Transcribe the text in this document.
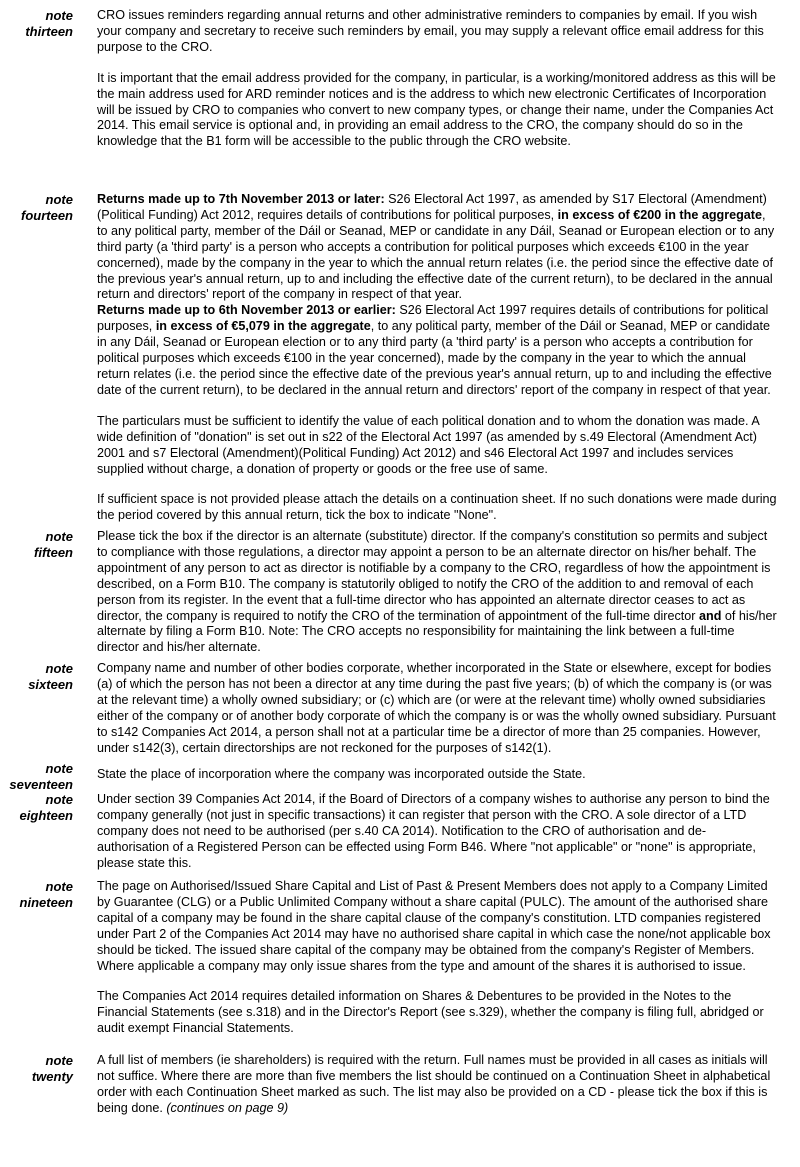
note
thirteen

CRO issues reminders regarding annual returns and other administrative reminders to companies by email. If you wish your company and secretary to receive such reminders by email, you may supply a relevant office email address for this purpose to the CRO.

It is important that the email address provided for the company, in particular, is a working/monitored address as this will be the main address used for ARD reminder notices and is the address to which new electronic Certificates of Incorporation will be issued by CRO to companies who convert to new company types, or change their name, under the Companies Act 2014. This email service is optional and, in providing an email address to the CRO, the company should do so in the knowledge that the B1 form will be accessible to the public through the CRO website.

note
fourteen

Returns made up to 7th November 2013 or later: S26 Electoral Act 1997, as amended by S17 Electoral (Amendment)(Political Funding) Act 2012, requires details of contributions for political purposes, in excess of €200 in the aggregate, to any political party, member of the Dáil or Seanad, MEP or candidate in any Dáil, Seanad or European election or to any third party (a 'third party' is a person who accepts a contribution for political purposes which exceeds €100 in the year concerned), made by the company in the year to which the annual return relates (i.e. the period since the effective date of the previous year's annual return, up to and including the effective date of the current return), to be declared in the annual return and directors' report of the company in respect of that year.
Returns made up to 6th November 2013 or earlier: S26 Electoral Act 1997 requires details of contributions for political purposes, in excess of €5,079 in the aggregate, to any political party, member of the Dáil or Seanad, MEP or candidate in any Dáil, Seanad or European election or to any third party (a 'third party' is a person who accepts a contribution for political purposes which exceeds €100 in the year concerned), made by the company in the year to which the annual return relates (i.e. the period since the effective date of the previous year's annual return, up to and including the effective date of the current return), to be declared in the annual return and directors' report of the company in respect of that year.

The particulars must be sufficient to identify the value of each political donation and to whom the donation was made. A wide definition of "donation" is set out in s22 of the Electoral Act 1997 (as amended by s.49 Electoral (Amendment Act) 2001 and s7 Electoral (Amendment)(Political Funding) Act 2012) and s46 Electoral Act 1997 and includes services supplied without charge, a donation of property or goods or the free use of same.

If sufficient space is not provided please attach the details on a continuation sheet. If no such donations were made during the period covered by this annual return, tick the box to indicate "None".

note
fifteen

Please tick the box if the director is an alternate (substitute) director. If the company's constitution so permits and subject to compliance with those regulations, a director may appoint a person to be an alternate director on his/her behalf. The appointment of any person to act as director is notifiable by a company to the CRO, regardless of how the appointment is described, on a Form B10. The company is statutorily obliged to notify the CRO of the addition to and removal of each person from its register. In the event that a full-time director who has appointed an alternate director ceases to act as director, the company is required to notify the CRO of the termination of appointment of the full-time director and of his/her alternate by filing a Form B10. Note: The CRO accepts no responsibility for maintaining the link between a full-time director and his/her alternate.

note
sixteen

Company name and number of other bodies corporate, whether incorporated in the State or elsewhere, except for bodies (a) of which the person has not been a director at any time during the past five years; (b) of which the company is (or was at the relevant time) a wholly owned subsidiary; or (c) which are (or were at the relevant time) wholly owned subsidiaries either of the company or of another body corporate of which the company is or was the wholly owned subsidiary. Pursuant to s142 Companies Act 2014, a person shall not at a particular time be a director of more than 25 companies. However, under s142(3), certain directorships are not reckoned for the purposes of s142(1).

note
seventeen

State the place of incorporation where the company was incorporated outside the State.

note
eighteen

Under section 39 Companies Act 2014, if the Board of Directors of a company wishes to authorise any person to bind the company generally (not just in specific transactions) it can register that person with the CRO. A sole director of a LTD company does not need to be authorised (per s.40 CA 2014). Notification to the CRO of authorisation and de-authorisation of a Registered Person can be effected using Form B46. Where "not applicable" or "none" is appropriate, please state this.

note
nineteen

The page on Authorised/Issued Share Capital and List of Past & Present Members does not apply to a Company Limited by Guarantee (CLG) or a Public Unlimited Company without a share capital (PULC). The amount of the authorised share capital of a company may be found in the share capital clause of the company's constitution. LTD companies registered under Part 2 of the Companies Act 2014 may have no authorised share capital in which case the none/not applicable box should be ticked. The issued share capital of the company may be obtained from the company's Register of Members. Where applicable a company may only issue shares from the type and amount of the shares it is authorised to issue.

The Companies Act 2014 requires detailed information on Shares & Debentures to be provided in the Notes to the Financial Statements (see s.318) and in the Director's Report (see s.329), whether the company is filing full, abridged or audit exempt Financial Statements.

note
twenty

A full list of members (ie shareholders) is required with the return. Full names must be provided in all cases as initials will not suffice. Where there are more than five members the list should be continued on a Continuation Sheet in alphabetical order with each Continuation Sheet marked as such. The list may also be provided on a CD - please tick the box if this is being done. (continues on page 9)
